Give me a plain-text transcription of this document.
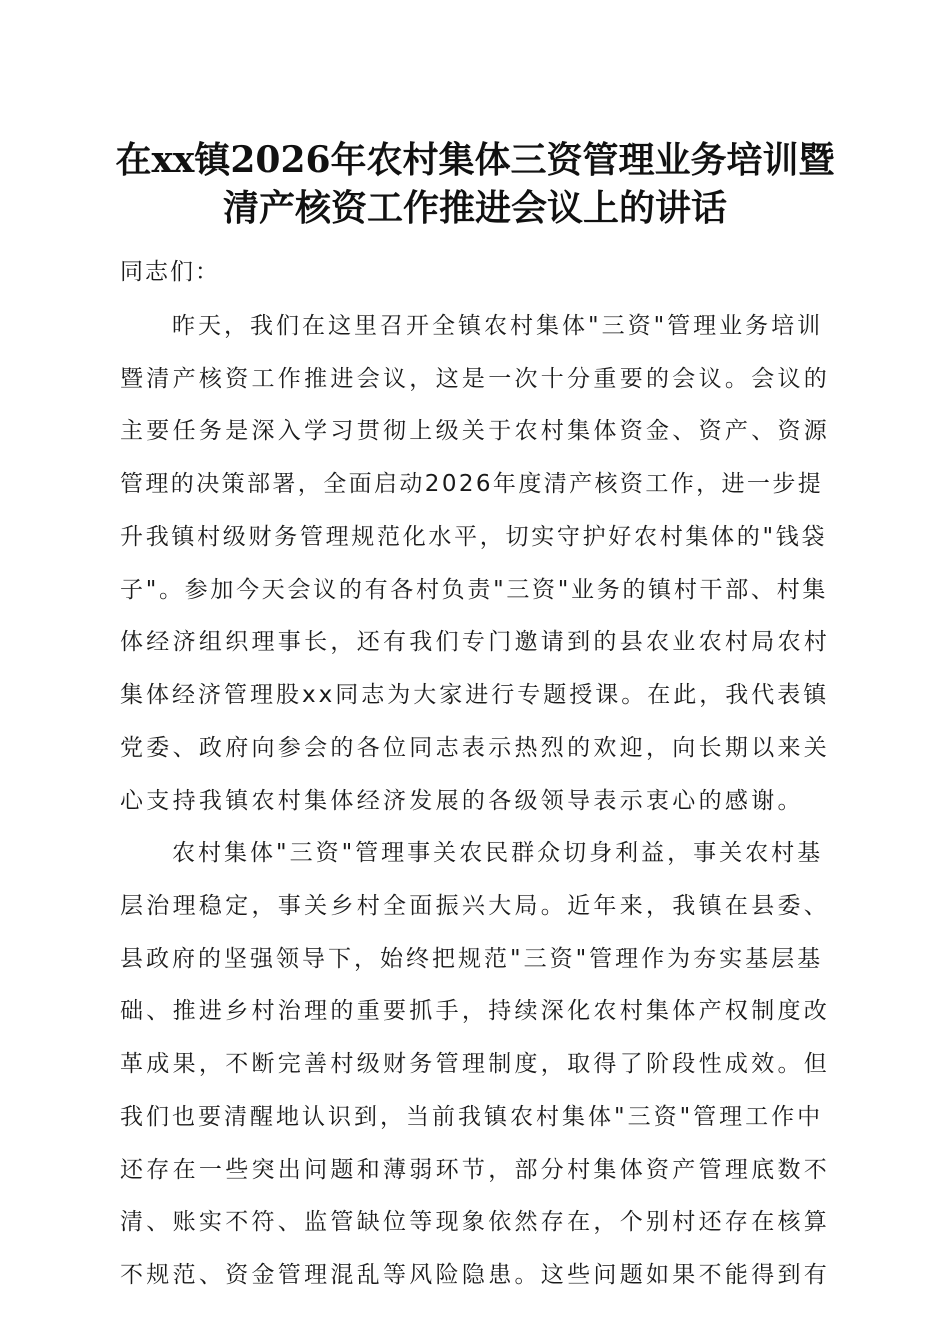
在xx镇2026年农村集体三资管理业务培训暨
清产核资工作推进会议上的讲话
同志们：
　　昨天，我们在这里召开全镇农村集体"三资"管理业务培训
暨清产核资工作推进会议，这是一次十分重要的会议。会议的
主要任务是深入学习贯彻上级关于农村集体资金、资产、资源
管理的决策部署，全面启动2026年度清产核资工作，进一步提
升我镇村级财务管理规范化水平，切实守护好农村集体的"钱袋
子"。参加今天会议的有各村负责"三资"业务的镇村干部、村集
体经济组织理事长，还有我们专门邀请到的县农业农村局农村
集体经济管理股xx同志为大家进行专题授课。在此，我代表镇
党委、政府向参会的各位同志表示热烈的欢迎，向长期以来关
心支持我镇农村集体经济发展的各级领导表示衷心的感谢。
　　农村集体"三资"管理事关农民群众切身利益，事关农村基
层治理稳定，事关乡村全面振兴大局。近年来，我镇在县委、
县政府的坚强领导下，始终把规范"三资"管理作为夯实基层基
础、推进乡村治理的重要抓手，持续深化农村集体产权制度改
革成果，不断完善村级财务管理制度，取得了阶段性成效。但
我们也要清醒地认识到，当前我镇农村集体"三资"管理工作中
还存在一些突出问题和薄弱环节，部分村集体资产管理底数不
清、账实不符、监管缺位等现象依然存在，个别村还存在核算
不规范、资金管理混乱等风险隐患。这些问题如果不能得到有
